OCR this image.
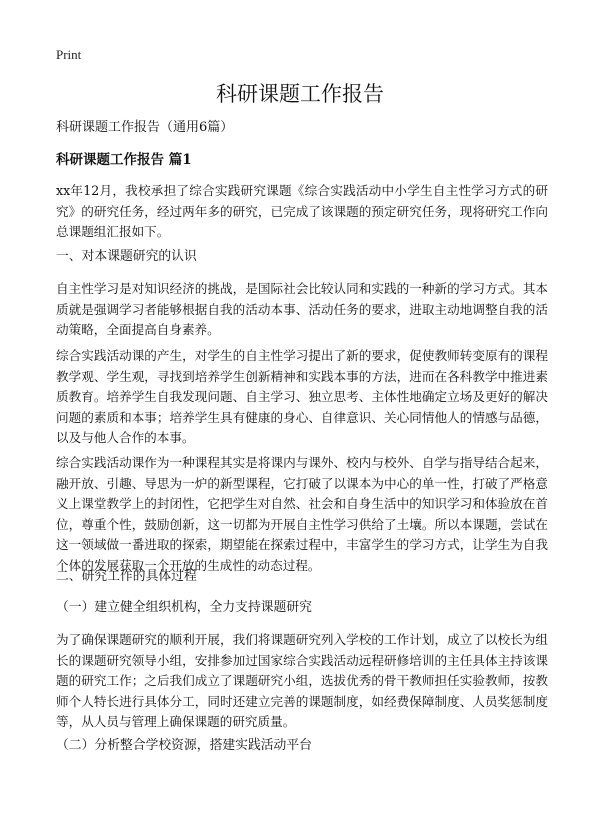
Print
科研课题工作报告
科研课题工作报告（通用6篇）
科研课题工作报告 篇1

xx年12月，我校承担了综合实践研究课题《综合实践活动中小学生自主性学习方式的研究》的研究任务，经过两年多的研究，已完成了该课题的预定研究任务，现将研究工作向总课题组汇报如下。

一、对本课题研究的认识

自主性学习是对知识经济的挑战，是国际社会比较认同和实践的一种新的学习方式。其本质就是强调学习者能够根据自我的活动本事、活动任务的要求，进取主动地调整自我的活动策略，全面提高自身素养。

综合实践活动课的产生，对学生的自主性学习提出了新的要求，促使教师转变原有的课程教学观、学生观，寻找到培养学生创新精神和实践本事的方法，进而在各科教学中推进素质教育。培养学生自我发现问题、自主学习、独立思考、主体性地确定立场及更好的解决问题的素质和本事；培养学生具有健康的身心、自律意识、关心同情他人的情感与品德，以及与他人合作的本事。

综合实践活动课作为一种课程其实是将课内与课外、校内与校外、自学与指导结合起来，融开放、引趣、导思为一炉的新型课程，它打破了以课本为中心的单一性，打破了严格意义上课堂教学上的封闭性，它把学生对自然、社会和自身生活中的知识学习和体验放在首位，尊重个性，鼓励创新，这一切都为开展自主性学习供给了土壤。所以本课题，尝试在这一领域做一番进取的探索，期望能在探索过程中，丰富学生的学习方式，让学生为自我个体的发展获取一个开放的生成性的动态过程。

二、研究工作的具体过程

（一）建立健全组织机构，全力支持课题研究

为了确保课题研究的顺利开展，我们将课题研究列入学校的工作计划，成立了以校长为组长的课题研究领导小组，安排参加过国家综合实践活动远程研修培训的主任具体主持该课题的研究工作；之后我们成立了课题研究小组，选拔优秀的骨干教师担任实验教师，按教师个人特长进行具体分工，同时还建立完善的课题制度，如经费保障制度、人员奖惩制度等，从人员与管理上确保课题的研究质量。

（二）分析整合学校资源，搭建实践活动平台
